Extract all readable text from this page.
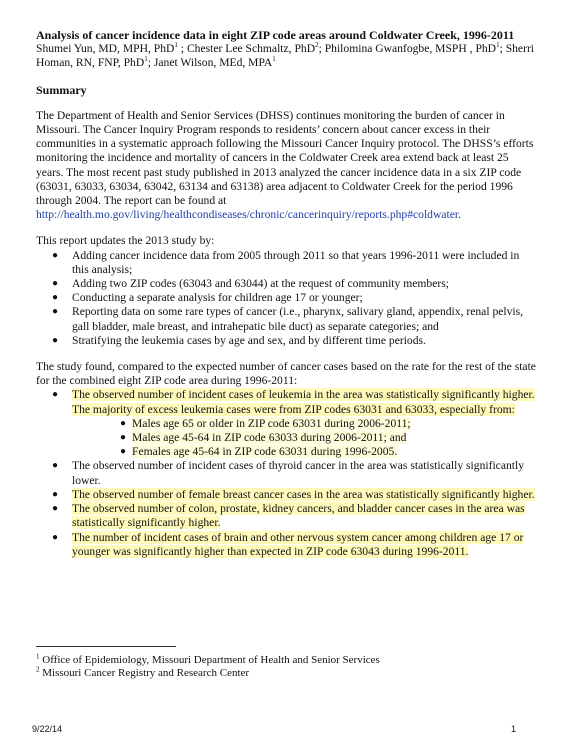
Analysis of cancer incidence data in eight ZIP code areas around Coldwater Creek, 1996-2011

Shumei Yun, MD, MPH, PhD$^1$ ; Chester Lee Schmaltz, PhD$^2$; Philomina Gwanfogbe, MSPH , PhD$^1$; Sherri Homan, RN, FNP, PhD$^1$; Janet Wilson, MEd, MPA$^1$

Summary

The Department of Health and Senior Services (DHSS) continues monitoring the burden of cancer in Missouri. The Cancer Inquiry Program responds to residents’ concern about cancer excess in their communities in a systematic approach following the Missouri Cancer Inquiry protocol. The DHSS’s efforts monitoring the incidence and mortality of cancers in the Coldwater Creek area extend back at least 25 years. The most recent past study published in 2013 analyzed the cancer incidence data in a six ZIP code (63031, 63033, 63034, 63042, 63134 and 63138) area adjacent to Coldwater Creek for the period 1996 through 2004. The report can be found at http://health.mo.gov/living/healthcondiseases/chronic/cancerinquiry/reports.php#coldwater.

This report updates the 2013 study by:
● Adding cancer incidence data from 2005 through 2011 so that years 1996-2011 were included in this analysis;
● Adding two ZIP codes (63043 and 63044) at the request of community members;
● Conducting a separate analysis for children age 17 or younger;
● Reporting data on some rare types of cancer (i.e., pharynx, salivary gland, appendix, renal pelvis, gall bladder, male breast, and intrahepatic bile duct) as separate categories; and
● Stratifying the leukemia cases by age and sex, and by different time periods.
The study found, compared to the expected number of cancer cases based on the rate for the rest of the state for the combined eight ZIP code area during 1996-2011:
● The observed number of incident cases of leukemia in the area was statistically significantly higher. The majority of excess leukemia cases were from ZIP codes 63031 and 63033, especially from:
● Males age 65 or older in ZIP code 63031 during 2006-2011;
● Males age 45-64 in ZIP code 63033 during 2006-2011; and
● Females age 45-64 in ZIP code 63031 during 1996-2005.
● The observed number of incident cases of thyroid cancer in the area was statistically significantly lower.
● The observed number of female breast cancer cases in the area was statistically significantly higher.
● The observed number of colon, prostate, kidney cancers, and bladder cancer cases in the area was statistically significantly higher.
● The number of incident cases of brain and other nervous system cancer among children age 17 or younger was significantly higher than expected in ZIP code 63043 during 1996-2011.
$^1$ Office of Epidemiology, Missouri Department of Health and Senior Services
$^2$ Missouri Cancer Registry and Research Center
9/22/14	1
